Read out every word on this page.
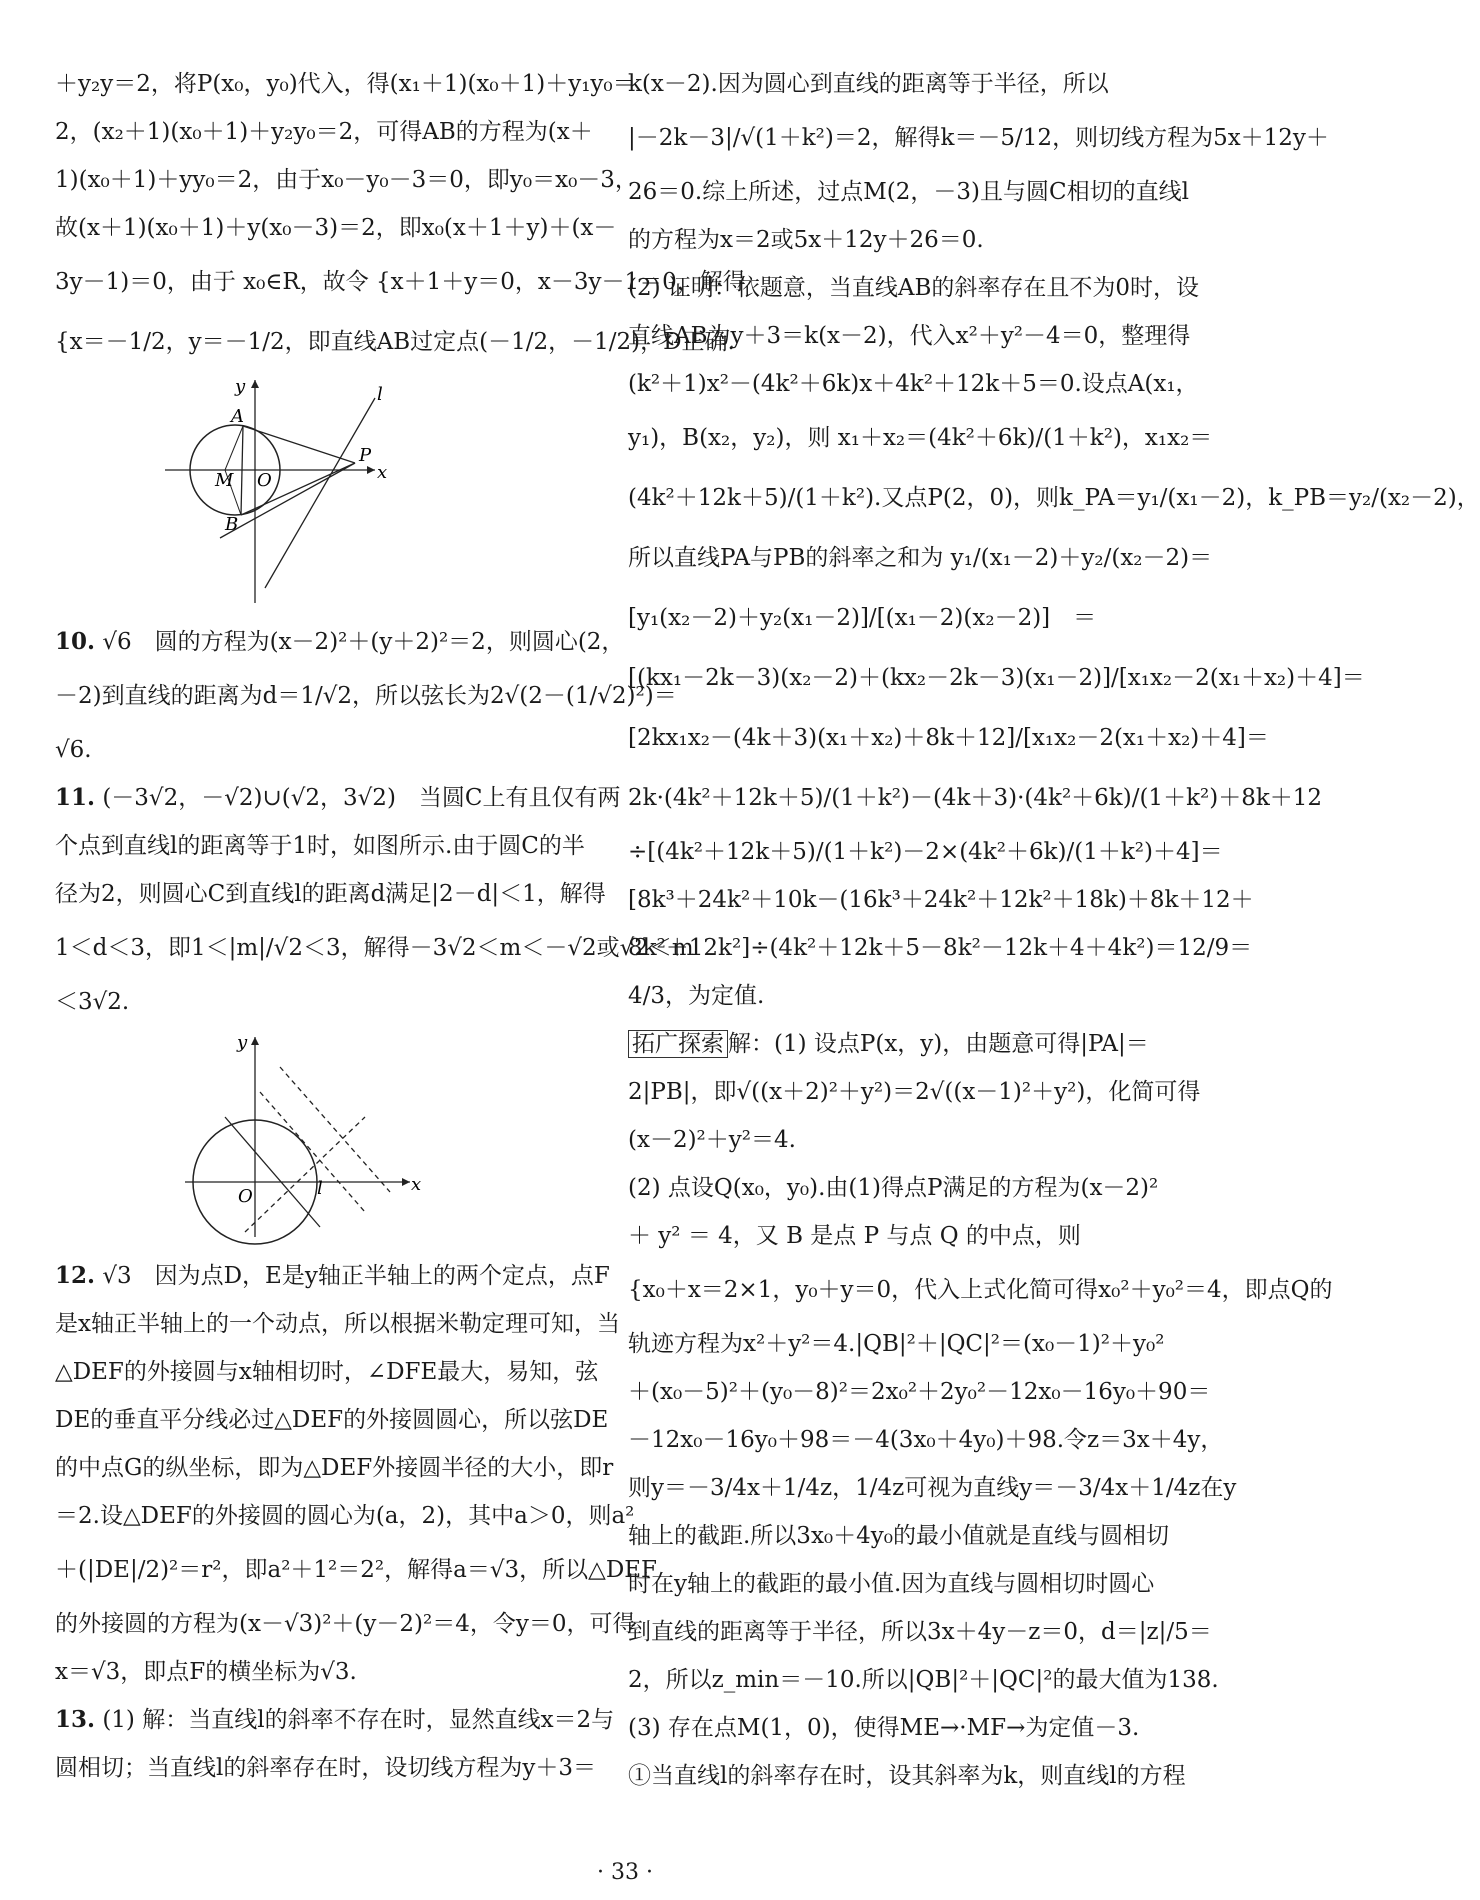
＋y₂y＝2，将P(x₀，y₀)代入，得(x₁＋1)(x₀＋1)＋y₁y₀＝
2，(x₂＋1)(x₀＋1)＋y₂y₀＝2，可得AB的方程为(x＋
1)(x₀＋1)＋yy₀＝2，由于x₀－y₀－3＝0，即y₀＝x₀－3，
故(x＋1)(x₀＋1)＋y(x₀－3)＝2，即x₀(x＋1＋y)＋(x－
3y－1)＝0，由于 x₀∈R，故令 {x＋1＋y＝0，x－3y－1＝0，解得
{x＝－1/2，y＝－1/2，即直线AB过定点(－1/2，－1/2)，D正确.
y
x
A
B
M O
P
l
10. √6　圆的方程为(x－2)²＋(y＋2)²＝2，则圆心(2，
－2)到直线的距离为d＝1/√2，所以弦长为2√(2－(1/√2)²)＝
√6.
11. (－3√2，－√2)∪(√2，3√2)　当圆C上有且仅有两
个点到直线l的距离等于1时，如图所示.由于圆C的半
径为2，则圆心C到直线l的距离d满足|2－d|＜1，解得
1＜d＜3，即1＜|m|/√2＜3，解得－3√2＜m＜－√2或√2＜m
＜3√2.
y
x
O	l
12. √3　因为点D，E是y轴正半轴上的两个定点，点F
是x轴正半轴上的一个动点，所以根据米勒定理可知，当
△DEF的外接圆与x轴相切时，∠DFE最大，易知，弦
DE的垂直平分线必过△DEF的外接圆圆心，所以弦DE
的中点G的纵坐标，即为△DEF外接圆半径的大小，即r
＝2.设△DEF的外接圆的圆心为(a，2)，其中a＞0，则a²
＋(|DE|/2)²＝r²，即a²＋1²＝2²，解得a＝√3，所以△DEF
的外接圆的方程为(x－√3)²＋(y－2)²＝4，令y＝0，可得
x＝√3，即点F的横坐标为√3.
13. (1) 解：当直线l的斜率不存在时，显然直线x＝2与
圆相切；当直线l的斜率存在时，设切线方程为y＋3＝
k(x－2).因为圆心到直线的距离等于半径，所以
|－2k－3|/√(1＋k²)＝2，解得k＝－5/12，则切线方程为5x＋12y＋
26＝0.综上所述，过点M(2，－3)且与圆C相切的直线l
的方程为x＝2或5x＋12y＋26＝0.
(2) 证明：依题意，当直线AB的斜率存在且不为0时，设
直线AB为y＋3＝k(x－2)，代入x²＋y²－4＝0，整理得
(k²＋1)x²－(4k²＋6k)x＋4k²＋12k＋5＝0.设点A(x₁，
y₁)，B(x₂，y₂)，则 x₁＋x₂＝(4k²＋6k)/(1＋k²)，x₁x₂＝
(4k²＋12k＋5)/(1＋k²).又点P(2，0)，则k_PA＝y₁/(x₁－2)，k_PB＝y₂/(x₂－2)，
所以直线PA与PB的斜率之和为 y₁/(x₁－2)＋y₂/(x₂－2)＝
[y₁(x₂－2)＋y₂(x₁－2)]/[(x₁－2)(x₂－2)]　＝
[(kx₁－2k－3)(x₂－2)＋(kx₂－2k－3)(x₁－2)]/[x₁x₂－2(x₁＋x₂)＋4]＝
[2kx₁x₂－(4k＋3)(x₁＋x₂)＋8k＋12]/[x₁x₂－2(x₁＋x₂)＋4]＝
2k·(4k²＋12k＋5)/(1＋k²)－(4k＋3)·(4k²＋6k)/(1＋k²)＋8k＋12
÷[(4k²＋12k＋5)/(1＋k²)－2×(4k²＋6k)/(1＋k²)＋4]＝
[8k³＋24k²＋10k－(16k³＋24k²＋12k²＋18k)＋8k＋12＋
8k²＋12k²]÷(4k²＋12k＋5－8k²－12k＋4＋4k²)＝12/9＝
4/3，为定值.
拓广探索 解：(1) 设点P(x，y)，由题意可得|PA|＝
2|PB|，即√((x＋2)²＋y²)＝2√((x－1)²＋y²)，化简可得
(x－2)²＋y²＝4.
(2) 点设Q(x₀，y₀).由(1)得点P满足的方程为(x－2)²
＋ y² ＝ 4，又 B 是点 P 与点 Q 的中点，则
{x₀＋x＝2×1，y₀＋y＝0，代入上式化简可得x₀²＋y₀²＝4，即点Q的
轨迹方程为x²＋y²＝4.|QB|²＋|QC|²＝(x₀－1)²＋y₀²
＋(x₀－5)²＋(y₀－8)²＝2x₀²＋2y₀²－12x₀－16y₀＋90＝
－12x₀－16y₀＋98＝－4(3x₀＋4y₀)＋98.令z＝3x＋4y，
则y＝－3/4x＋1/4z，1/4z可视为直线y＝－3/4x＋1/4z在y
轴上的截距.所以3x₀＋4y₀的最小值就是直线与圆相切
时在y轴上的截距的最小值.因为直线与圆相切时圆心
到直线的距离等于半径，所以3x＋4y－z＝0，d＝|z|/5＝
2，所以z_min＝－10.所以|QB|²＋|QC|²的最大值为138.
(3) 存在点M(1，0)，使得ME→·MF→为定值－3.
①当直线l的斜率存在时，设其斜率为k，则直线l的方程
· 33 ·
